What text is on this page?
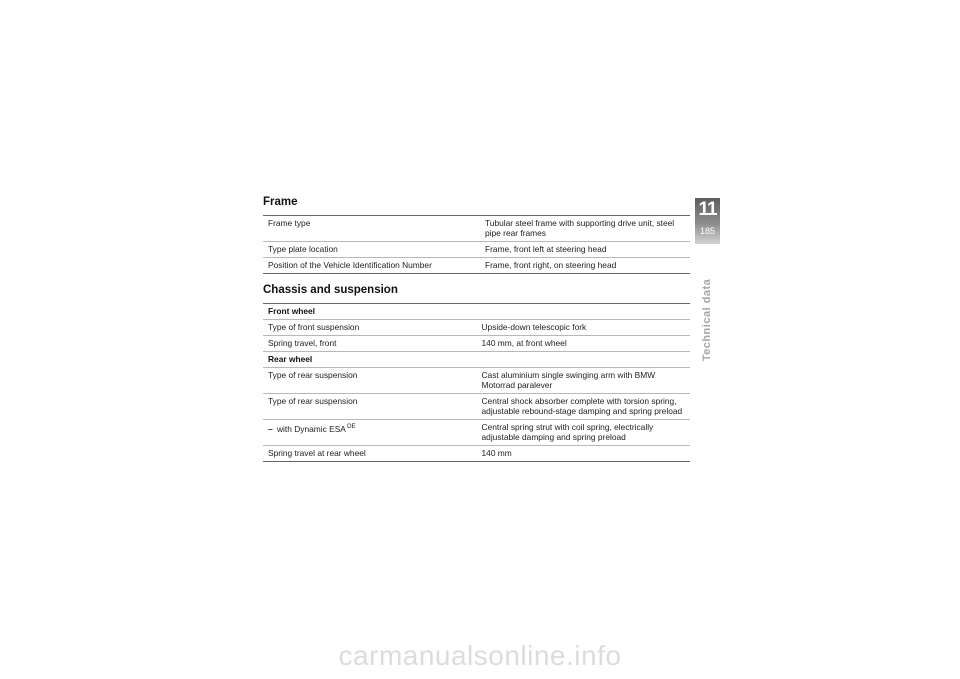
Frame
Frame type	Tubular steel frame with supporting drive unit, steel pipe rear frames
Type plate location	Frame, front left at steering head
Position of the Vehicle Identification Number	Frame, front right, on steering head
Chassis and suspension
Front wheel	
Type of front suspension	Upside-down telescopic fork
Spring travel, front	140 mm, at front wheel
Rear wheel	
Type of rear suspension	Cast aluminium single swinging arm with BMW Motorrad paralever
Type of rear suspension	Central shock absorber complete with torsion spring, adjustable rebound-stage damping and spring preload
– with Dynamic $ESA^{OE}$	Central spring strut with coil spring, electrically adjustable damping and spring preload
Spring travel at rear wheel	140 mm
11
185
Technical data
carmanualsonline.info
